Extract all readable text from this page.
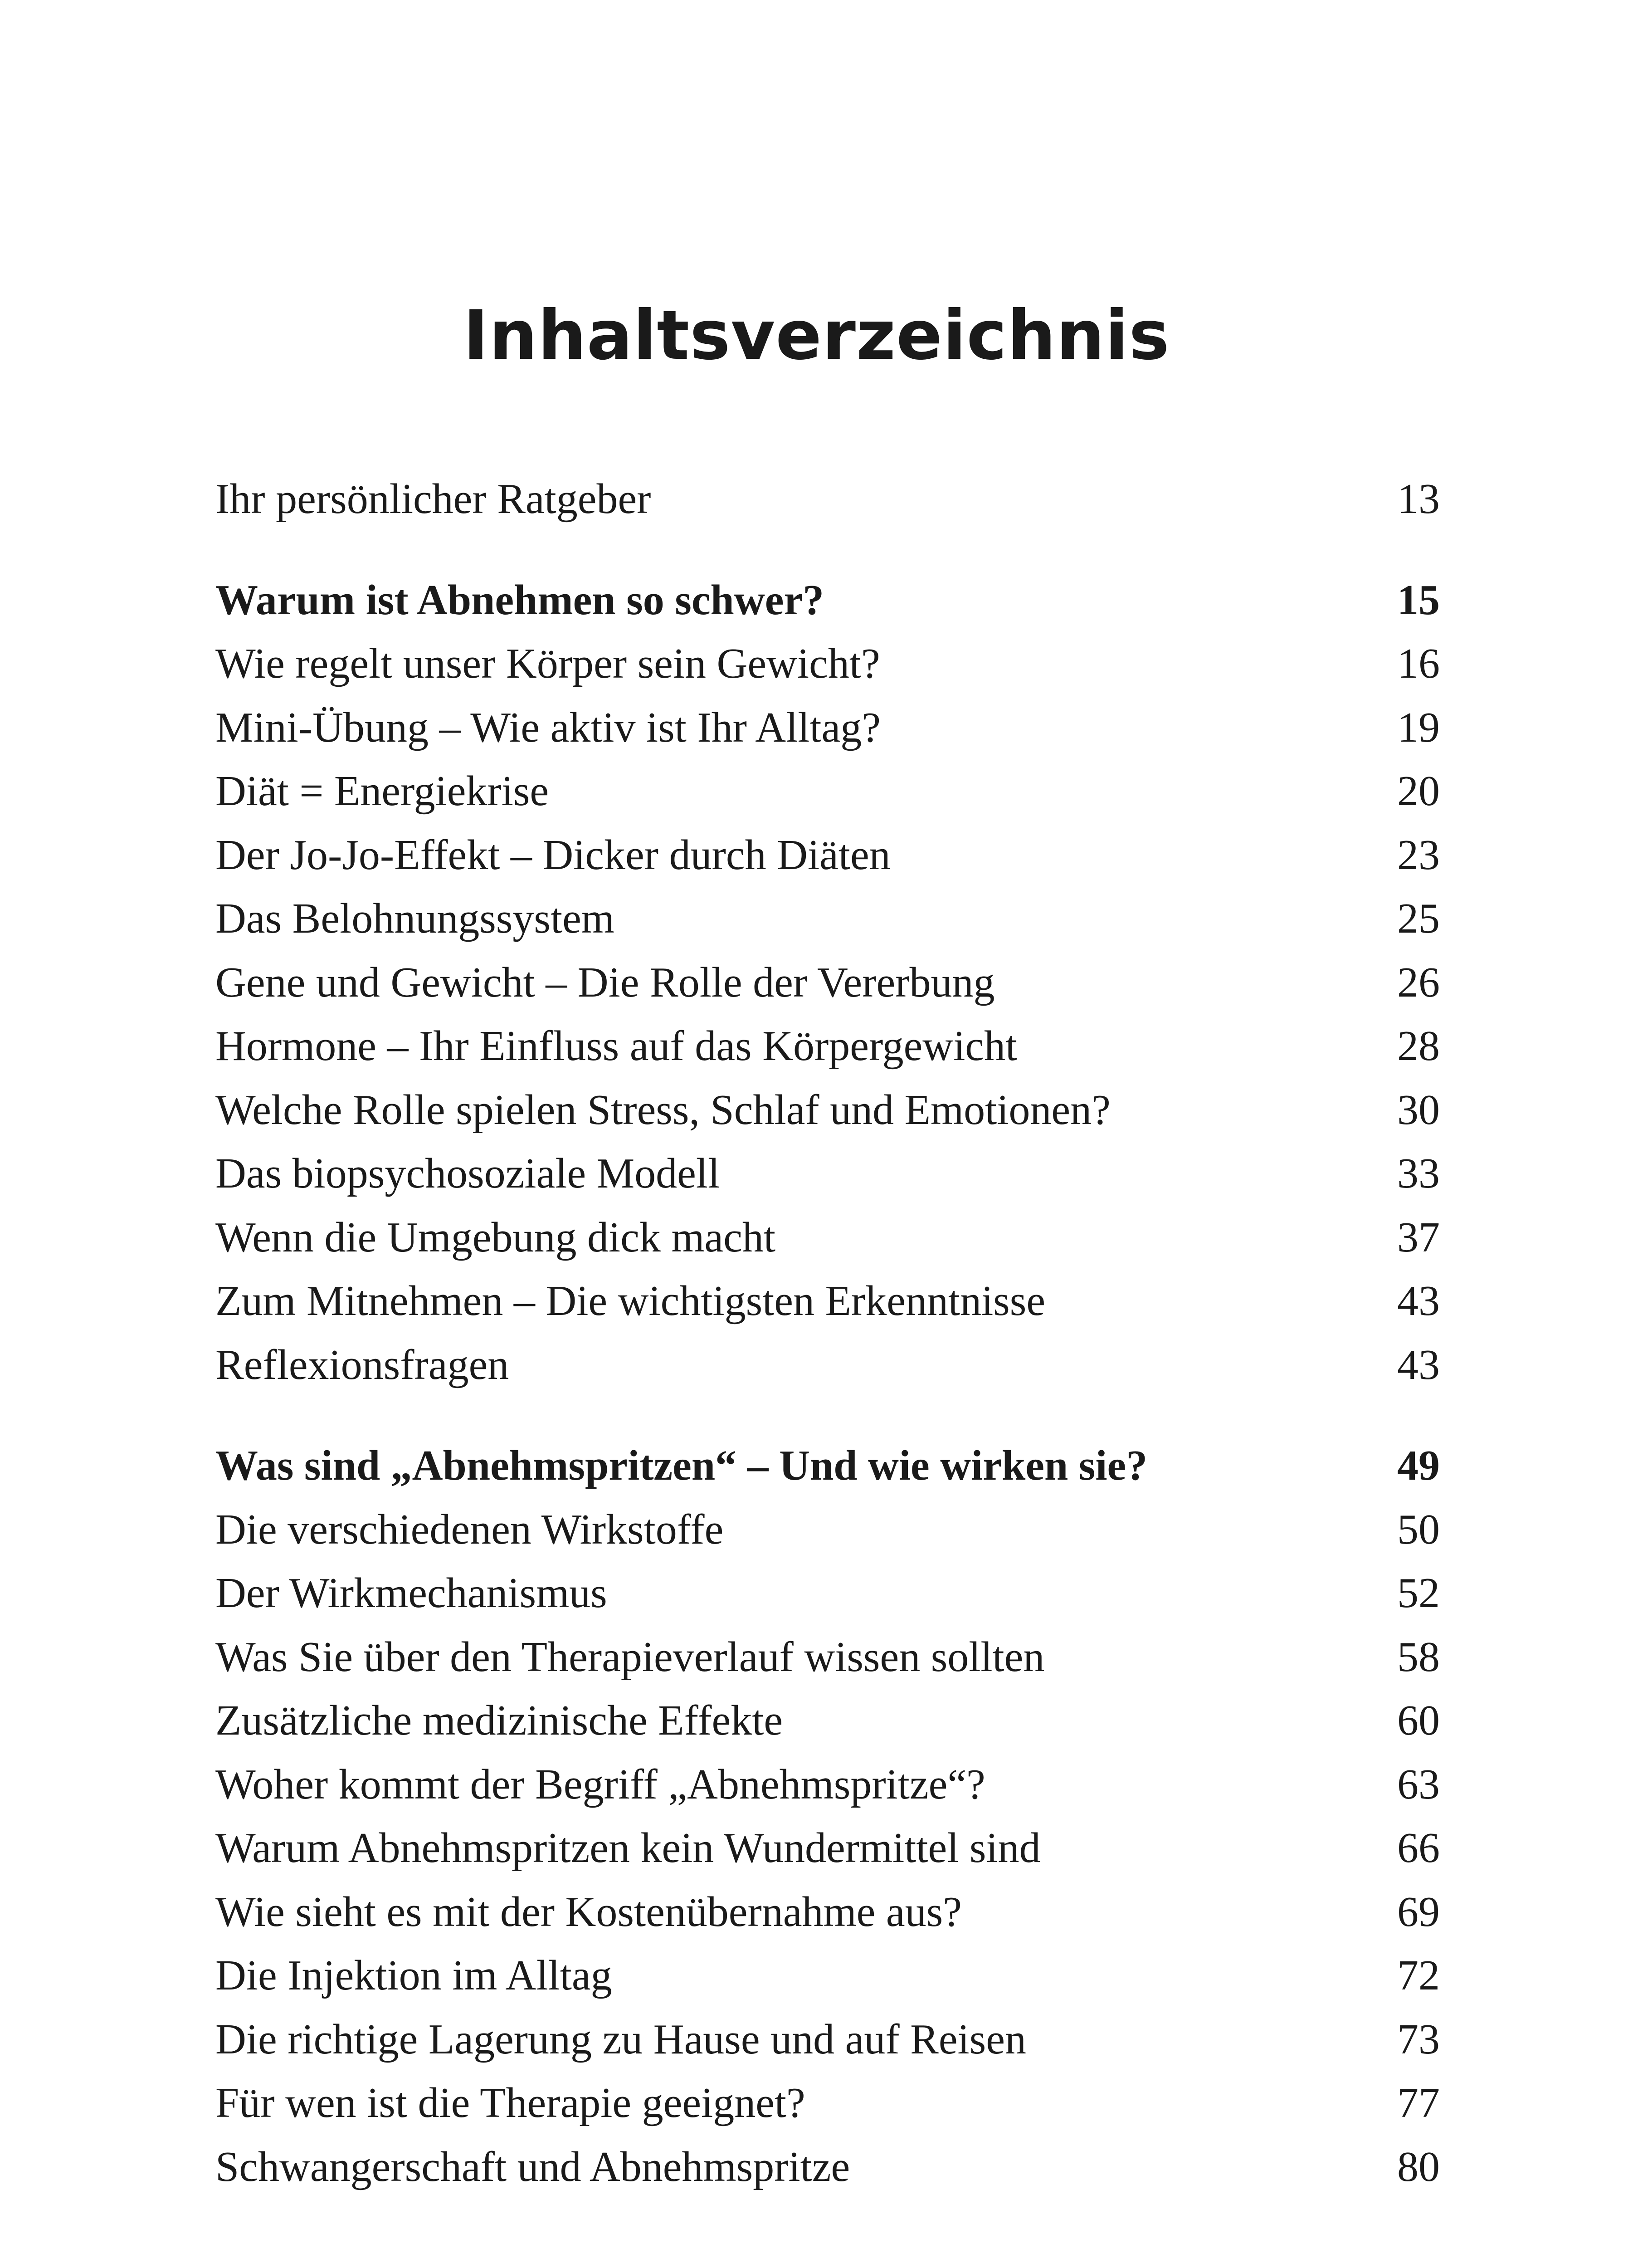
Inhaltsverzeichnis
Ihr persönlicher Ratgeber	13
Warum ist Abnehmen so schwer?	15
Wie regelt unser Körper sein Gewicht?	16
Mini-Übung – Wie aktiv ist Ihr Alltag?	19
Diät = Energiekrise	20
Der Jo-Jo-Effekt – Dicker durch Diäten	23
Das Belohnungssystem	25
Gene und Gewicht – Die Rolle der Vererbung	26
Hormone – Ihr Einfluss auf das Körpergewicht	28
Welche Rolle spielen Stress, Schlaf und Emotionen?	30
Das biopsychosoziale Modell	33
Wenn die Umgebung dick macht	37
Zum Mitnehmen – Die wichtigsten Erkenntnisse	43
Reflexionsfragen	43
Was sind „Abnehmspritzen“ – Und wie wirken sie?	49
Die verschiedenen Wirkstoffe	50
Der Wirkmechanismus	52
Was Sie über den Therapieverlauf wissen sollten	58
Zusätzliche medizinische Effekte	60
Woher kommt der Begriff „Abnehmspritze“?	63
Warum Abnehmspritzen kein Wundermittel sind	66
Wie sieht es mit der Kostenübernahme aus?	69
Die Injektion im Alltag	72
Die richtige Lagerung zu Hause und auf Reisen	73
Für wen ist die Therapie geeignet?	77
Schwangerschaft und Abnehmspritze	80
